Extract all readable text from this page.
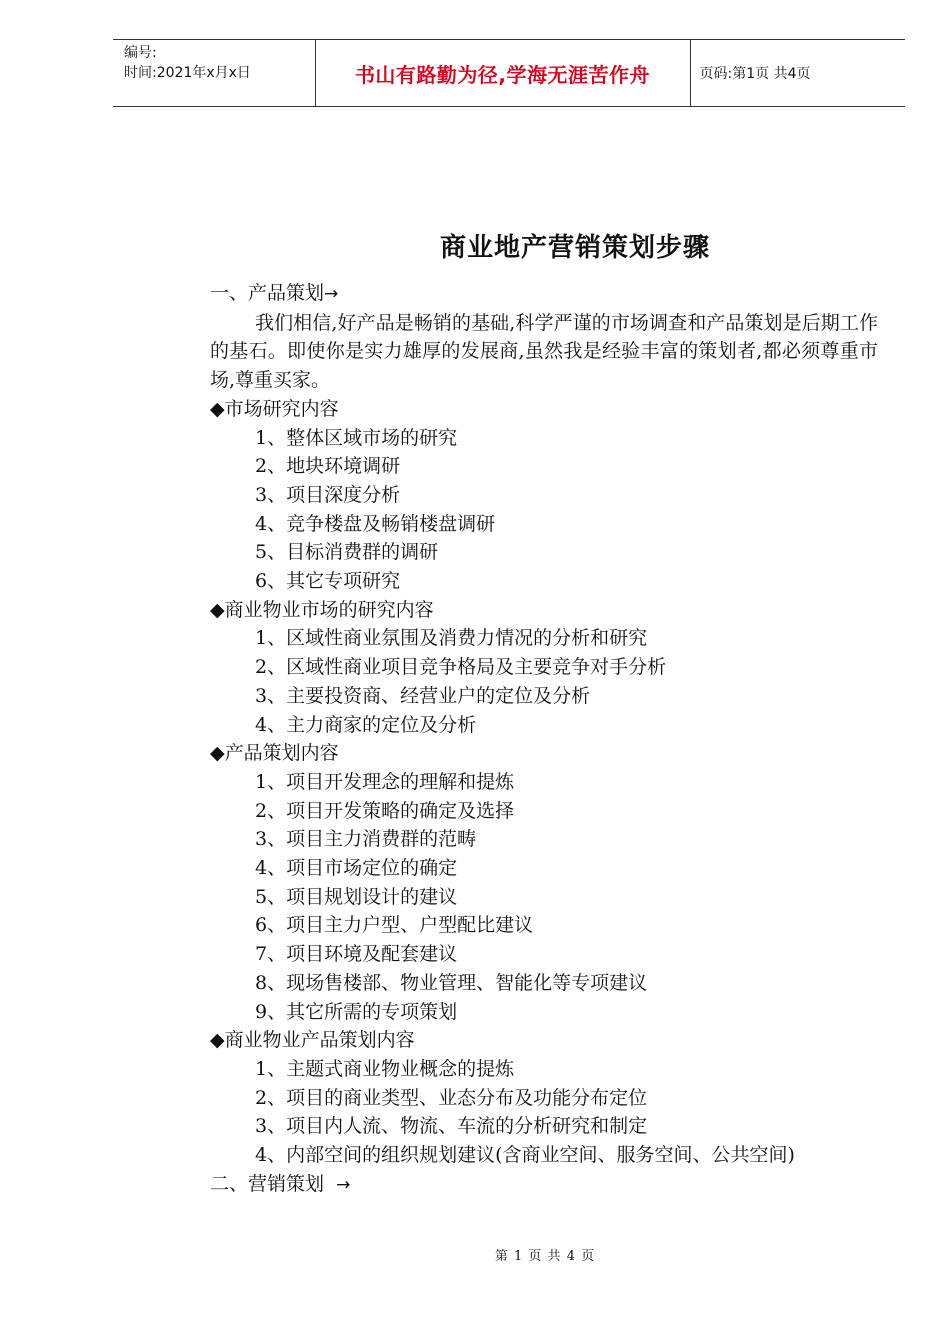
编号:
时间:2021年x月x日	书山有路勤为径,学海无涯苦作舟	页码:第1页 共4页
商业地产营销策划步骤
一、产品策划→
我们相信,好产品是畅销的基础,科学严谨的市场调查和产品策划是后期工作的基石。即使你是实力雄厚的发展商,虽然我是经验丰富的策划者,都必须尊重市场,尊重买家。
◆市场研究内容
1、整体区域市场的研究
2、地块环境调研
3、项目深度分析
4、竞争楼盘及畅销楼盘调研
5、目标消费群的调研
6、其它专项研究
◆商业物业市场的研究内容
1、区域性商业氛围及消费力情况的分析和研究
2、区域性商业项目竞争格局及主要竞争对手分析
3、主要投资商、经营业户的定位及分析
4、主力商家的定位及分析
◆产品策划内容
1、项目开发理念的理解和提炼
2、项目开发策略的确定及选择
3、项目主力消费群的范畴
4、项目市场定位的确定
5、项目规划设计的建议
6、项目主力户型、户型配比建议
7、项目环境及配套建议
8、现场售楼部、物业管理、智能化等专项建议
9、其它所需的专项策划
◆商业物业产品策划内容
1、主题式商业物业概念的提炼
2、项目的商业类型、业态分布及功能分布定位
3、项目内人流、物流、车流的分析研究和制定
4、内部空间的组织规划建议(含商业空间、服务空间、公共空间)
二、营销策划 →
第 1 页 共 4 页
